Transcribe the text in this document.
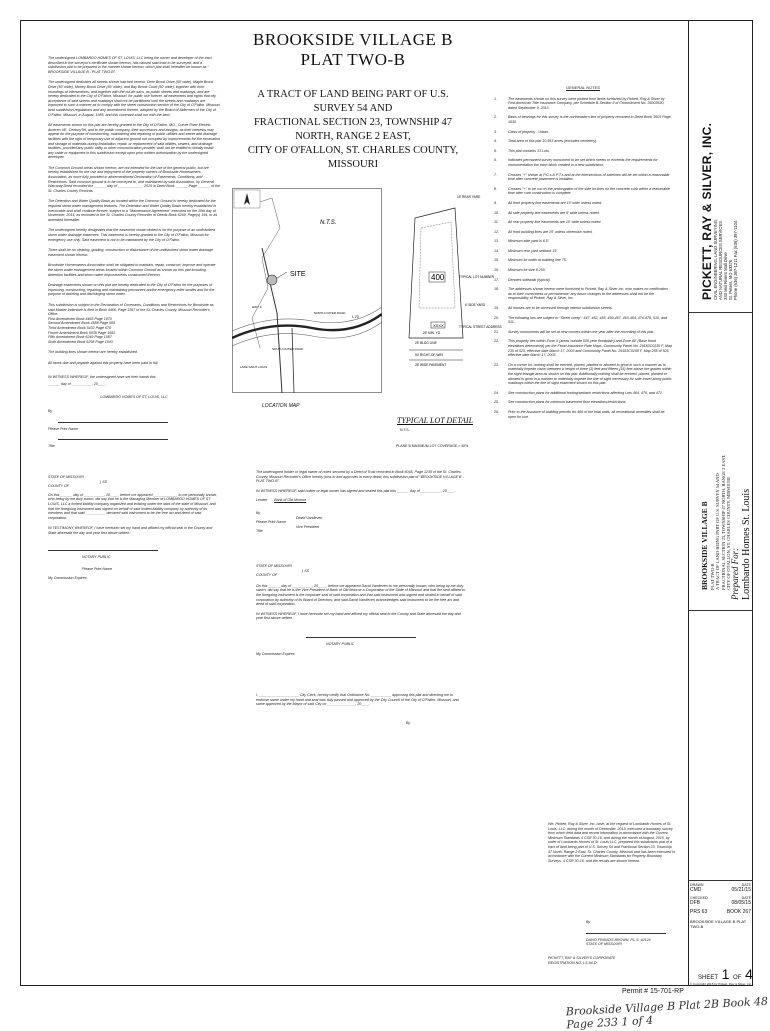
The undersigned LOMBARDO HOMES OF ST. LOUIS, LLC being the owner and developer of the tract described in the surveyor's certificate shown hereon, has caused said tract to be surveyed, and a subdivision plat to be prepared in the manner shown hereon, which plat shall hereafter be known as " BROOKSIDE VILLAGE B - PLAT TWO-B".

The undersigned dedicates all streets shown hatched hereon, Deer Brook Drive (50' wide), Maple Brook Drive (50' wide), Money Brook Drive (50' wide), and Bay Brook Court (50' wide), together with their roundings at intersections, and together with the cul-de-sacs, as public streets and roadways, and are hereby dedicated to the City of O'Fallon, Missouri, for public use forever, all easements and rights that city acceptance of said streets and roadways shall not be partitioned until the streets and roadways are improved to such a manner as to comply with the street construction section of the City of O'Fallon. Missouri land subdivision regulations and any amendment thereto, adopted by the Board of Aldermen of the City of O'Fallon, Missouri, in August, 1985, and this covenant shall run with the land.

All easements shown on this plat are hereby granted to the City of O'Fallon, MO., Cuivre River Electric, Ameren UE, CenturyTel, and to the public company, their successors and assigns, as their interests may appear for the purpose of constructing, maintaining and repairing of public utilities and sewer and drainage facilities with the right of temporary use of adjacent ground not occupied by improvements for the excavation and storage of materials during installation, repair, or replacement of said utilities, sewers, and drainage facilities, provided any public utility or other communication provider shall not be entitled to initially install any cable or equipment in this subdivision except upon prior written authorization by the undersigned developer.

The Common Ground areas shown hereon, are not intended for the use of the general public, but are hereby established for the use and enjoyment of the property owners of Brookside Homeowners Association, as more fully provided in aforementioned Declaration of Easements, Conditions, and Restrictions. Said common ground is to be conveyed to, and maintained by said Association, by General Warranty Deed recorded the ______ day of ____________, 2015 in Deed Book ______ Page ______ of the St. Charles County Records.

The Detention and Water Quality Basin as located within the Common Ground is hereby dedicated for the required storm water management features. The Detention and Water Quality Basin hereby established in irrevocable and shall continue forever, subject to a "Maintenance Agreement" executed on the 10th day of November, 2014, as recorded in the St. Charles County Recorder of Deeds Book 6269, Page(s) 194, or as amended thereafter.

The undersigned hereby designates that the easement shown dotted is for the purpose of an undisturbed storm water drainage easement. This easement is hereby granted to the City of O'Fallon, Missouri for emergency use only. Said easement is not to be maintained by the City of O'Fallon.

There shall be no clearing, grading, construction or disturbance of the undisturbed storm water drainage easement shown hereon.

Brookside Homeowners Association shall be obligated to maintain, repair, construct, improve and operate the storm water management areas located within Common Ground as shown on this plat including detention facilities and storm water improvements constructed thereon.

Drainage easements shown on this plat are hereby dedicated to the City of O'Fallon for the purposes of improving, constructing, repairing and maintaining permanent and/or emergency relief swales and for the purpose of draining and discharging storm water.

This subdivision is subject to the Declaration of Covenants, Conditions and Restrictions for Brookside as said Master Indenture is filed in Book 4466, Page 1367 of the St. Charles County, Missouri Recorder's Office.

First Amendment Book 4465 Page 1970
Second Amendment Book 4588 Page 505
Third Amendment Book 5432 Page 675
Fourth Amendment Book 5539 Page 1682
Fifth Amendment Book 6249 Page 1587
Sixth Amendment Book 6298 Page 1543

The building lines shown hereon are hereby established.

All taxes due and payable against this property have been paid in full.

IN WITNESS WHEREOF, the undersigned have set their hands this

______ day of __________, 20____.

LOMBARDO HOMES OF ST. LOUIS, LLC
By
Please Print Name
Title
STATE OF MISSOURI
) SS
COUNTY OF

On this ______ day of __________, 20____, before me appeared ____________ to me personally known, who being by me duly sworn, did say that he is the Managing Member of LOMBARDO HOMES OF ST. LOUIS, LLC a limited liability company organized and existing under the laws of the state of Missouri, and that the foregoing instrument was signed on behalf of said limited liability company by authority of its members and that said __________ declared said instrument to be the free act and deed of said corporation.

IN TESTIMONY WHEREOF, I have hereunto set my hand and affixed my official seal in the County and State aforesaid the day and year first above written.

NOTARY PUBLIC
Please Print Name
My Commission Expires
BROOKSIDE VILLAGE B
PLAT TWO-B
A TRACT OF LAND BEING PART OF U.S. SURVEY 54 AND
FRACTIONAL SECTION 23, TOWNSHIP 47 NORTH, RANGE 2 EAST,
CITY OF O'FALLON, ST. CHARLES COUNTY, MISSOURI
SITE
N.T.S.
NORTH OUTER ROAD
I-70
SOUTH OUTER ROAD
LAKE SAINT LOUIS
HWY K
LOCATION MAP
400
XXXX
15' REAR YARD
TYPICAL LOT NUMBER
6' SIDE YARD
TYPICAL STREET ADDRESS
25' BLDG LINE
25' MIN. YD
50' RIGHT-OF-WAY
28' WIDE PAVEMENT
TYPICAL LOT DETAIL
N.T.S.
PLANE B MAXIMUM LOT COVERAGE = 40%

The undersigned holder or legal owner of notes secured by a Deed of Trust recorded in Book 6045, Page 1235 of the St. Charles County, Missouri Recorder's Office hereby joins in and approves in every detail, this subdivision plat of "BROOKSIDE VILLAGE B - PLAT TWO-B".

IN WITNESS WHEREOF, said holder or legal owner has signed and sealed this plat this ______ day of __________, 20____.

Lender Bank of Old Monroe
By
David Vandeven
Please Print Name
Vice President
Title
STATE OF MISSOURI
) SS
COUNTY OF

On this ______ day of __________, 20____, before me appeared David Vandeven to me personally known, who being by me duly sworn, did say that he is the Vice President of Bank of Old Monroe a Corporation of the State of Missouri and that the seal affixed to the foregoing instrument is the corporate seal of said corporation and that said instrument was signed and sealed in behalf of said corporation by authority of its Board of Directors; and said David Vandeven acknowledges said instrument to be the free act and deed of said corporation.

IN WITNESS WHEREOF, I have hereunto set my hand and affixed my official seal in the County and State aforesaid the day and year first above written.

NOTARY PUBLIC
My Commission Expires

I, ____________________ City Clerk, hereby certify that Ordinance No. __________ approving this plat and directing me to endorse same under my hand and seal was duly passed and approved by the City Council of the City of O'Fallon, Missouri, and same approved by the Mayor of said City on ______________, 20____.

By
GENERAL NOTES
1.	The easements shown on this survey were plotted from items furnished by Pickett, Ray & Silver by First American Title Insurance Company, per Schedule B-Section II of Commitment No. 35003530, dated September 9, 2013.
2.	Basis of bearings for this survey is the northeastern line of property recorded in Deed Book 3603 Page 1630.
3.	Class of property - Urban.
4.	Total area of this plat 10.953 acres (excludes cemetery).
5.	This plat contains 33 Lots.
6.	Indicates permanent survey monument to be set which meets or exceeds the requirements for monumentation the each block created in a new subdivision.
7.	Crosses "+" shown at P.C.s & P.T.s and at the intersections of sidelines will be set within a reasonable time after concrete pavement is installed.
8.	Crosses "+" to be cut on the prolongation of the side lot lines on the concrete curb within a reasonable time after curb construction is complete.
9.	All front property line easements are 10' wide unless noted.
10.	All side property line easements are 5' wide unless noted.
11.	All rear property line easements are 10' wide unless noted.
12.	All front building lines are 25' unless otherwise noted.
13.	Minimum side yard is 6.5'.
14.	Minimum rear yard setback 15'.
15.	Minimum lot width at building line 75'.
16.	Minimum lot size 8,250.
17.	Denotes sidewalk (typical).
18.	The addresses shown hereon were furnished to Pickett, Ray & Silver Inc. who makes no certification as to their correctness or permanence; any future changes to the addresses shall not be the responsibility of Pickett, Ray & Silver, Inc.
19.	All houses are to be accessed through interior subdivision streets.
20.	The following lots are subject to "Street creep": 447, 452, 455, 459-457, 463-464, 476-478, 510, and 511.
21.	Survey monuments will be set at new corners within one year after the recording of this plat.
22.	This property lies within Zone X (areas outside 500-year floodplain) and Zone AE (Base flood elevations determined) per the Flood Insurance Rate Maps, Community Panel No. 29183C0235 F, Map 235 of 525, effective date March 17, 2003 and Community Panel No. 29183C0255 F, Map 255 of 525, effective date March 17, 2003.
23.	On a corner lot, nothing shall be erected, placed, planted or allowed to grow in such a manner as to materially impede vision between a height of three (3) feet and fifteen (15) feet above the grades within the sight triangle area as shown on this plat. Additionally nothing shall be erected, placed, planted or allowed to grow in a manner to materially impede the line of sight necessary for safe travel along public roadways within the line of sight easement shown on this plat.
24.	See construction plans for additional footing/setback restrictions affecting Lots 464, 476, and 471.
25.	See construction plans for minimum basement floor elevations/restrictions.
26.	Prior to the issuance of building permits for 466 of the total units, all recreational amenities shall be open for use.
We, Pickett, Ray & Silver, Inc. have, at the request of Lombardo Homes of St. Louis, LLC, during the month of December, 2013, executed a boundary survey from which field data and record information in accordance with the Current Minimum Standards 4 CSR 30-16, and during the month of August, 2015, by order of Lombardo Homes of St. Louis LLC, prepared this subdivision plat of a tract of land being part of U.S. Survey 54 and Fractional Section 23, Township 47 North, Range 2 East, St. Charles County, Missouri and has been executed in accordance with the Current Minimum Standards for Property Boundary Surveys, 4 CSR 30-16, and the results are shown hereon.
By
DAVID FRANCIS BROWN, P.L.S. #2124
STATE OF MISSOURI
PICKETT, RAY & SILVER'S CORPORATE REGISTRATION NO. LS-94-D
PICKETT, RAY & SILVER, INC. CIVIL ENGINEERING, LAND SURVEYING, AND NATURAL RESOURCES SERVICES 333 Mid Rivers Mall Drive St. Peters, MO 63376 Phone (636) 397-1211 Fax (636) 397-1104
BROOKSIDE VILLAGE B PLAT TWO-B A TRACT OF LAND BEING PART OF U.S. SURVEY 54 AND FRACTIONAL SECTION 23, TOWNSHIP 47 NORTH, RANGE 2 EAST, CITY OF O'FALLON, ST. CHARLES COUNTY, MISSOURI
Prepared For: Lombardo Homes St. Louis
DRAWN	DATE
CMD	05/21/15
CHECKED	DATE
DFB	08/05/15
PRS 63	BOOK 267
BROOKSIDE VILLAGE B PLAT TWO-B
SHEET 1 OF 4
© Copyright 2015 by Pickett, Ray & Silver, Inc.
Permit # 15-701-RP
Brookside Village B Plat 2B Book 48 Page 233 1 of 4
